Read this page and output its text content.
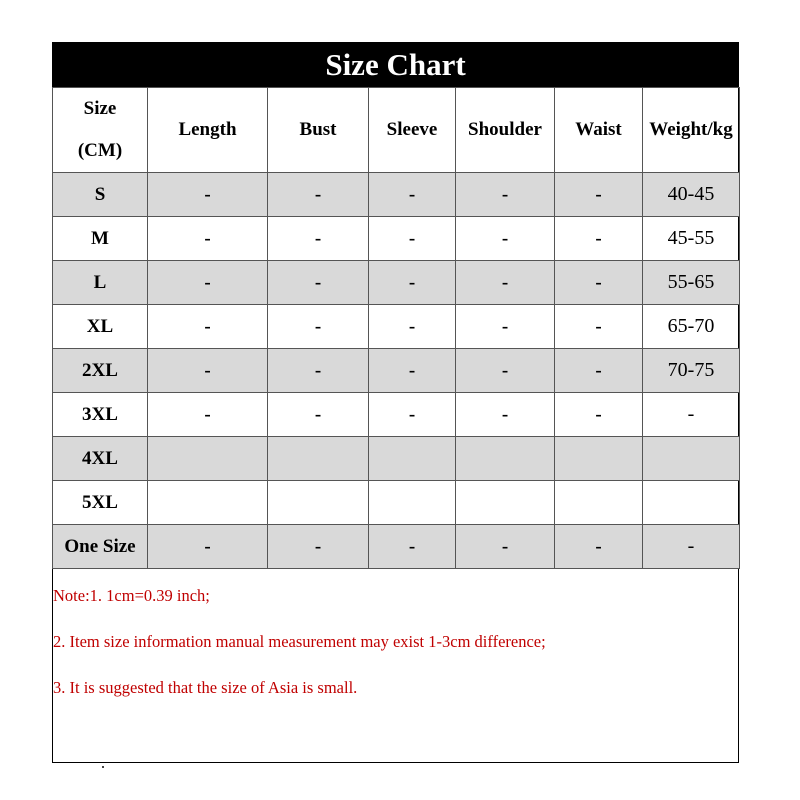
Size Chart
Size
(CM)	Length	Bust	Sleeve	Shoulder	Waist	Weight/kg
S	-	-	-	-	-	40-45
M	-	-	-	-	-	45-55
L	-	-	-	-	-	55-65
XL	-	-	-	-	-	65-70
2XL	-	-	-	-	-	70-75
3XL	-	-	-	-	-	-
4XL						
5XL						
One Size	-	-	-	-	-	-
Note:1. 1cm=0.39 inch;
2. Item size information manual measurement may exist 1-3cm difference;
3. It is suggested that the size of Asia is small.
